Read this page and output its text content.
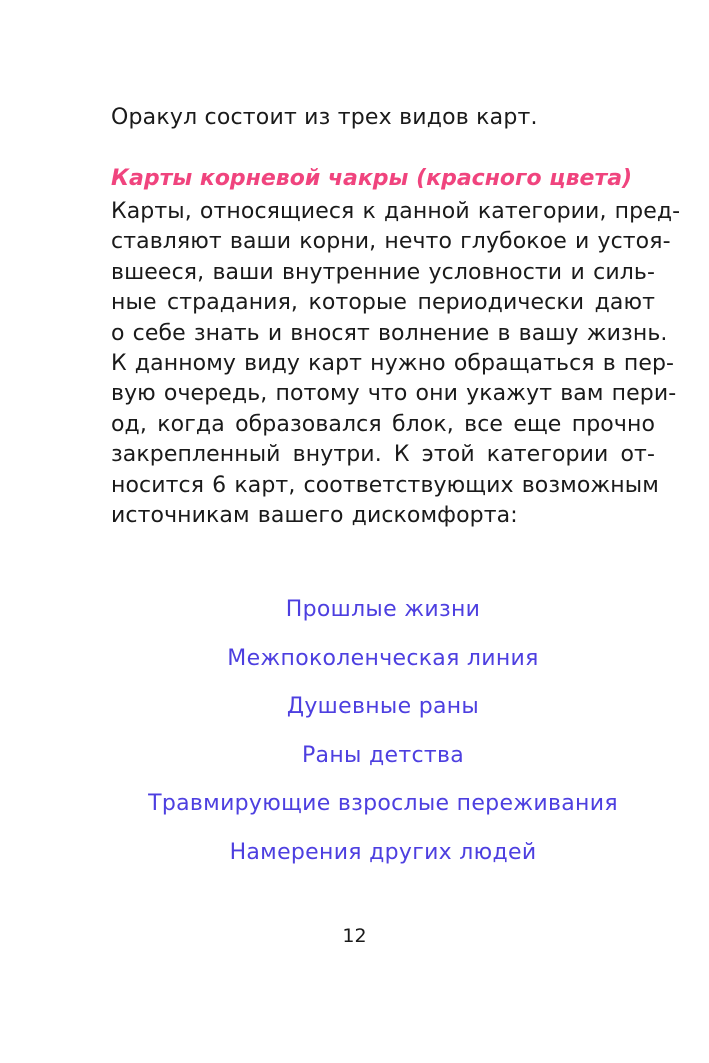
Оракул состоит из трех видов карт.

Карты корневой чакры (красного цвета)
Карты, относящиеся к данной категории, пред-
ставляют ваши корни, нечто глубокое и устоя-
вшееся, ваши внутренние условности и силь-
ные страдания, которые периодически дают
о себе знать и вносят волнение в вашу жизнь.
К данному виду карт нужно обращаться в пер-
вую очередь, потому что они укажут вам пери-
од, когда образовался блок, все еще прочно
закрепленный внутри. К этой категории от-
носится 6 карт, соответствующих возможным
источникам вашего дискомфорта:
Прошлые жизни
Межпоколенческая линия
Душевные раны
Раны детства
Травмирующие взрослые переживания
Намерения других людей
12
